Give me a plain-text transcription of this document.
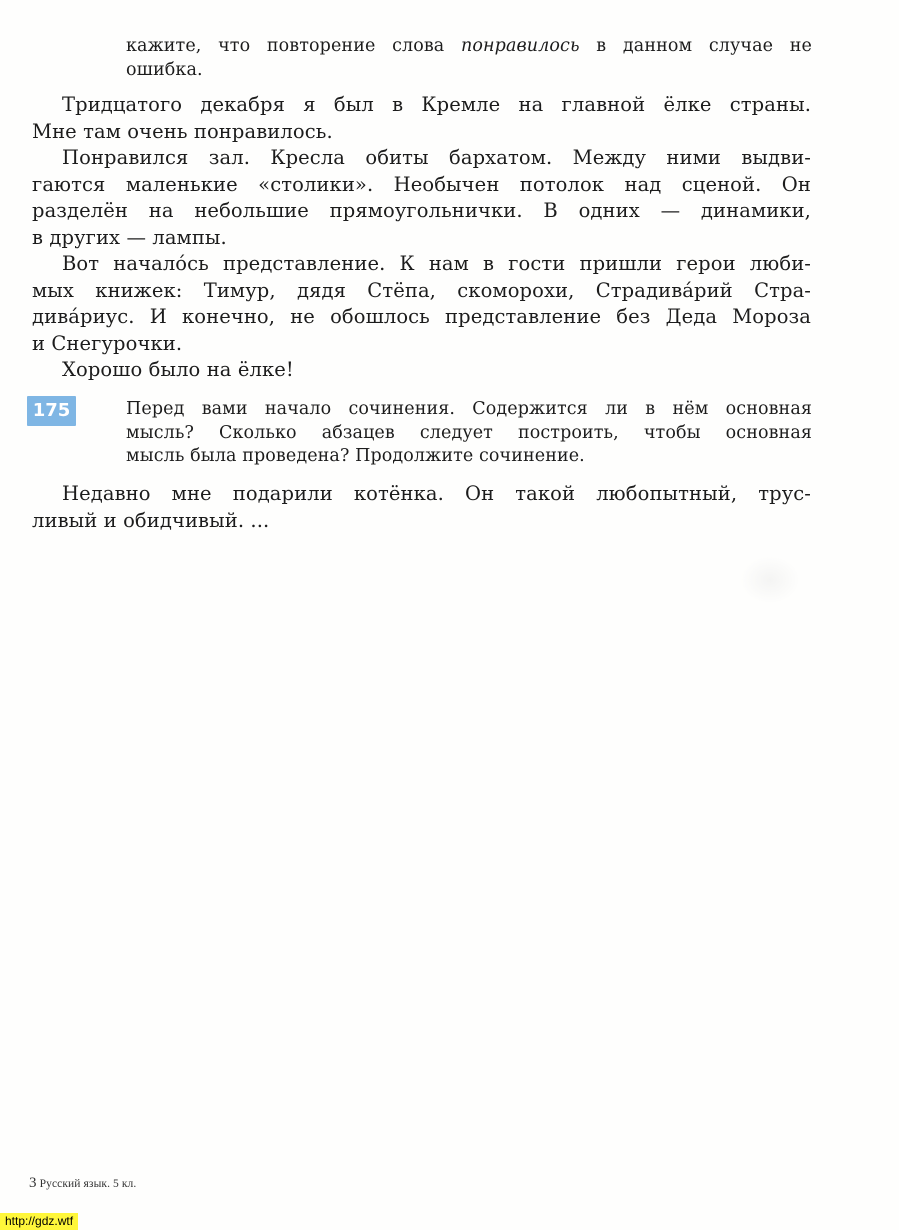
кажите, что повторение слова понравилось в данном случае не
ошибка.
Тридцатого декабря я был в Кремле на главной ёлке страны.
Мне там очень понравилось.
Понравился зал. Кресла обиты бархатом. Между ними выдви-
гаются маленькие «столики». Необычен потолок над сценой. Он
разделён на небольшие прямоугольнички. В одних — динамики,
в других — лампы.
Вот начало́сь представление. К нам в гости пришли герои люби-
мых книжек: Тимур, дядя Стёпа, скоморохи, Страдива́рий Стра-
дива́риус. И конечно, не обошлось представление без Деда Мороза
и Снегурочки.
Хорошо было на ёлке!
175	Перед вами начало сочинения. Содержится ли в нём основная
мысль? Сколько абзацев следует построить, чтобы основная
мысль была проведена? Продолжите сочинение.
Недавно мне подарили котёнка. Он такой любопытный, трус-
ливый и обидчивый. ...
3 Русский язык. 5 кл.
http://gdz.wtf
